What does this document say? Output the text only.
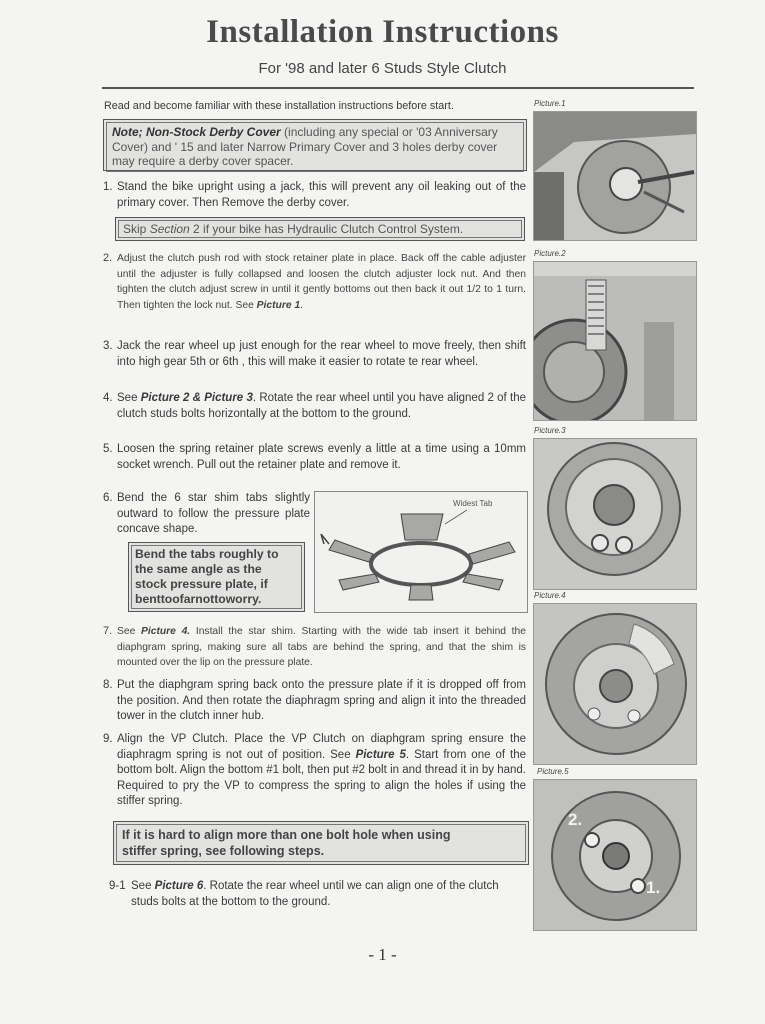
Installation Instructions
For '98 and later 6 Studs Style Clutch
Read and become familiar with these installation instructions before start.
Note; Non-Stock Derby Cover (including any special or '03 Anniversary Cover) and ' 15 and later Narrow Primary Cover and 3 holes derby cover may require a derby cover spacer.
1. Stand the bike upright using a jack, this will prevent any oil leaking out of the primary cover. Then Remove the derby cover.
Skip Section 2 if your bike has Hydraulic Clutch Control System.
2. Adjust the clutch push rod with stock retainer plate in place. Back off the cable adjuster until the adjuster is fully collapsed and loosen the clutch adjuster lock nut. And then tighten the clutch adjust screw in until it gently bottoms out then back it out 1/2 to 1 turn. Then tighten the lock nut. See Picture 1.
3. Jack the rear wheel up just enough for the rear wheel to move freely, then shift into high gear 5th or 6th , this will make it easier to rotate te rear wheel.
4. See Picture 2 & Picture 3. Rotate the rear wheel until you have aligned 2 of the clutch studs bolts horizontally at the bottom to the ground.
5. Loosen the spring retainer plate screws evenly a little at a time using a 10mm socket wrench. Pull out the retainer plate and remove it.
6. Bend the 6 star shim tabs slightly outward to follow the pressure plate concave shape.
Bend the tabs roughly to
the same angle as the
stock pressure plate, if
benttoofarnottoworry.
Widest Tab
7. See Picture 4. Install the star shim. Starting with the wide tab insert it behind the diaphgram spring, making sure all tabs are behind the spring, and that the shim is mounted over the lip on the pressure plate.
8. Put the diaphgram spring back onto the pressure plate if it is dropped off from the position. And then rotate the diaphragm spring and align it into the threaded tower in the clutch inner hub.
9. Align the VP Clutch. Place the VP Clutch on diaphgram spring ensure the diaphragm spring is not out of position. See Picture 5. Start from one of the bottom bolt. Align the bottom #1 bolt, then put #2 bolt in and thread it in by hand. Required to pry the VP to compress the spring to align the holes if using the stiffer spring.
If it is hard to align more than one bolt hole when using
stiffer spring, see following steps.
9-1 See Picture 6. Rotate the rear wheel until we can align one of the clutch studs bolts at the bottom to the ground.
Picture.1
Picture.2
Picture.3
Picture.4
Picture.5
2.
1.
- 1 -
